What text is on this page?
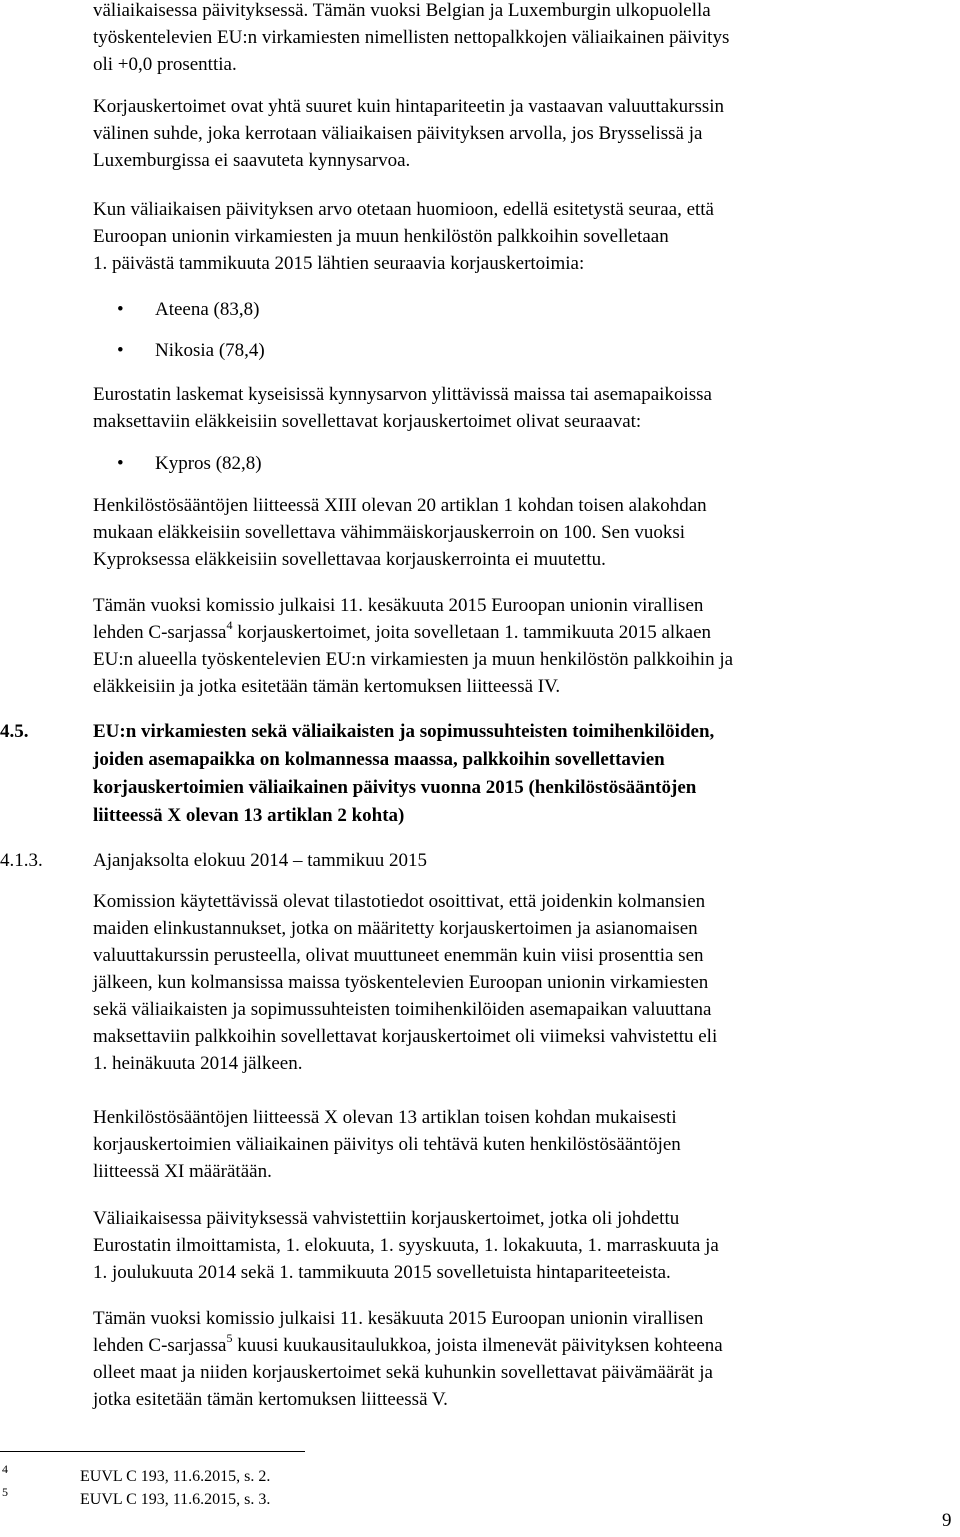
väliaikaisessa päivityksessä. Tämän vuoksi Belgian ja Luxemburgin ulkopuolella
työskentelevien EU:n virkamiesten nimellisten nettopalkkojen väliaikainen päivitys
oli +0,0 prosenttia.
Korjauskertoimet ovat yhtä suuret kuin hintapariteetin ja vastaavan valuuttakurssin
välinen suhde, joka kerrotaan väliaikaisen päivityksen arvolla, jos Brysselissä ja
Luxemburgissa ei saavuteta kynnysarvoa.
Kun väliaikaisen päivityksen arvo otetaan huomioon, edellä esitetystä seuraa, että
Euroopan unionin virkamiesten ja muun henkilöstön palkkoihin sovelletaan
1. päivästä tammikuuta 2015 lähtien seuraavia korjauskertoimia:
• Ateena (83,8)
• Nikosia (78,4)
Eurostatin laskemat kyseisissä kynnysarvon ylittävissä maissa tai asemapaikoissa
maksettaviin eläkkeisiin sovellettavat korjauskertoimet olivat seuraavat:
• Kypros (82,8)
Henkilöstösääntöjen liitteessä XIII olevan 20 artiklan 1 kohdan toisen alakohdan
mukaan eläkkeisiin sovellettava vähimmäiskorjauskerroin on 100. Sen vuoksi
Kyproksessa eläkkeisiin sovellettavaa korjauskerrointa ei muutettu.
Tämän vuoksi komissio julkaisi 11. kesäkuuta 2015 Euroopan unionin virallisen
lehden C-sarjassa$^4$ korjauskertoimet, joita sovelletaan 1. tammikuuta 2015 alkaen
EU:n alueella työskentelevien EU:n virkamiesten ja muun henkilöstön palkkoihin ja
eläkkeisiin ja jotka esitetään tämän kertomuksen liitteessä IV.
4.5.	EU:n virkamiesten sekä väliaikaisten ja sopimussuhteisten toimihenkilöiden,
joiden asemapaikka on kolmannessa maassa, palkkoihin sovellettavien
korjauskertoimien väliaikainen päivitys vuonna 2015 (henkilöstösääntöjen
liitteessä X olevan 13 artiklan 2 kohta)
4.1.3.	Ajanjaksolta elokuu 2014 – tammikuu 2015
Komission käytettävissä olevat tilastotiedot osoittivat, että joidenkin kolmansien
maiden elinkustannukset, jotka on määritetty korjauskertoimen ja asianomaisen
valuuttakurssin perusteella, olivat muuttuneet enemmän kuin viisi prosenttia sen
jälkeen, kun kolmansissa maissa työskentelevien Euroopan unionin virkamiesten
sekä väliaikaisten ja sopimussuhteisten toimihenkilöiden asemapaikan valuuttana
maksettaviin palkkoihin sovellettavat korjauskertoimet oli viimeksi vahvistettu eli
1. heinäkuuta 2014 jälkeen.
Henkilöstösääntöjen liitteessä X olevan 13 artiklan toisen kohdan mukaisesti
korjauskertoimien väliaikainen päivitys oli tehtävä kuten henkilöstösääntöjen
liitteessä XI määrätään.
Väliaikaisessa päivityksessä vahvistettiin korjauskertoimet, jotka oli johdettu
Eurostatin ilmoittamista, 1. elokuuta, 1. syyskuuta, 1. lokakuuta, 1. marraskuuta ja
1. joulukuuta 2014 sekä 1. tammikuuta 2015 sovelletuista hintapariteeteista.
Tämän vuoksi komissio julkaisi 11. kesäkuuta 2015 Euroopan unionin virallisen
lehden C-sarjassa$^5$ kuusi kuukausitaulukkoa, joista ilmenevät päivityksen kohteena
olleet maat ja niiden korjauskertoimet sekä kuhunkin sovellettavat päivämäärät ja
jotka esitetään tämän kertomuksen liitteessä V.
4	EUVL C 193, 11.6.2015, s. 2.
5	EUVL C 193, 11.6.2015, s. 3.
9
